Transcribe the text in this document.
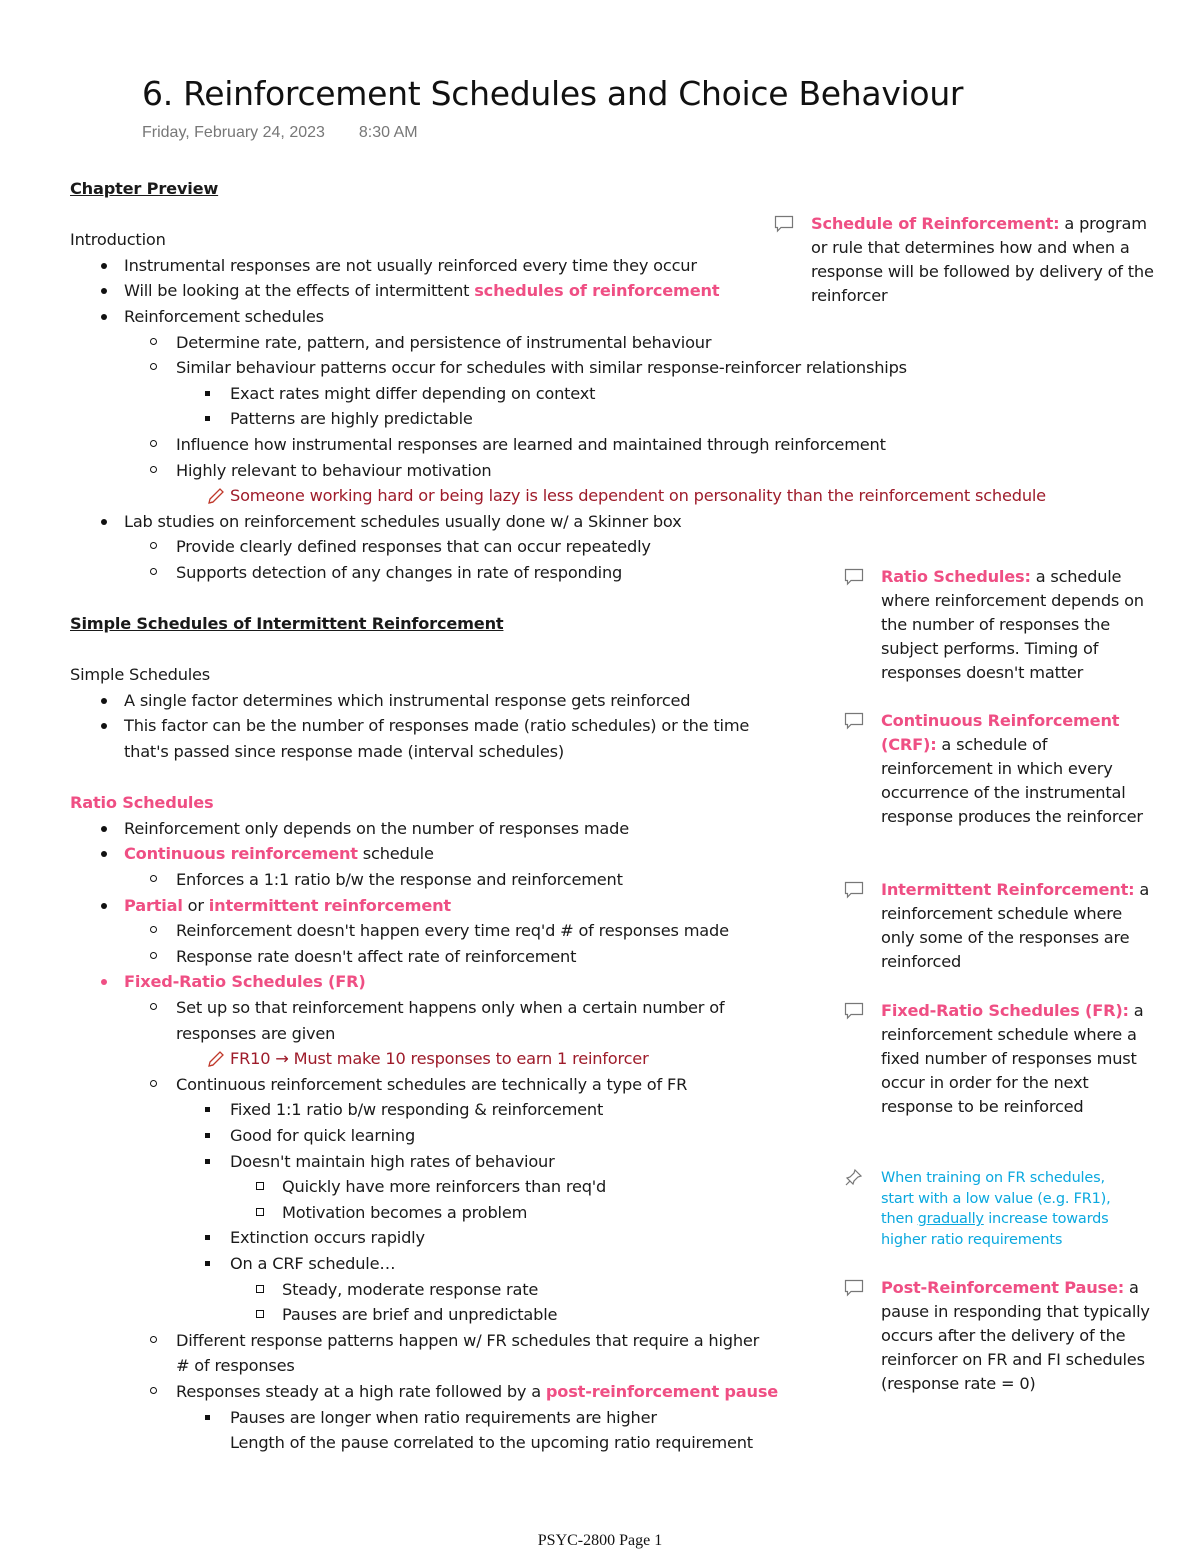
6. Reinforcement Schedules and Choice Behaviour
Friday, February 24, 2023 8:30 AM
Chapter Preview
Introduction
Instrumental responses are not usually reinforced every time they occur
Will be looking at the effects of intermittent schedules of reinforcement
Reinforcement schedules
Determine rate, pattern, and persistence of instrumental behaviour
Similar behaviour patterns occur for schedules with similar response-reinforcer relationships
Exact rates might differ depending on context
Patterns are highly predictable
Influence how instrumental responses are learned and maintained through reinforcement
Highly relevant to behaviour motivation
Someone working hard or being lazy is less dependent on personality than the reinforcement schedule
Lab studies on reinforcement schedules usually done w/ a Skinner box
Provide clearly defined responses that can occur repeatedly
Supports detection of any changes in rate of responding
Simple Schedules of Intermittent Reinforcement
Simple Schedules
A single factor determines which instrumental response gets reinforced
This factor can be the number of responses made (ratio schedules) or the time
that's passed since response made (interval schedules)
Ratio Schedules
Reinforcement only depends on the number of responses made
Continuous reinforcement schedule
Enforces a 1:1 ratio b/w the response and reinforcement
Partial or intermittent reinforcement
Reinforcement doesn't happen every time req'd # of responses made
Response rate doesn't affect rate of reinforcement
Fixed-Ratio Schedules (FR)
Set up so that reinforcement happens only when a certain number of
responses are given
FR10 → Must make 10 responses to earn 1 reinforcer
Continuous reinforcement schedules are technically a type of FR
Fixed 1:1 ratio b/w responding & reinforcement
Good for quick learning
Doesn't maintain high rates of behaviour
Quickly have more reinforcers than req'd
Motivation becomes a problem
Extinction occurs rapidly
On a CRF schedule…
Steady, moderate response rate
Pauses are brief and unpredictable
Different response patterns happen w/ FR schedules that require a higher
# of responses
Responses steady at a high rate followed by a post-reinforcement pause
Pauses are longer when ratio requirements are higher
Length of the pause correlated to the upcoming ratio requirement
Schedule of Reinforcement: a program or rule that determines how and when a response will be followed by delivery of the reinforcer
Ratio Schedules: a schedule where reinforcement depends on the number of responses the subject performs. Timing of responses doesn't matter
Continuous Reinforcement (CRF): a schedule of reinforcement in which every occurrence of the instrumental response produces the reinforcer
Intermittent Reinforcement: a reinforcement schedule where only some of the responses are reinforced
Fixed-Ratio Schedules (FR): a reinforcement schedule where a fixed number of responses must occur in order for the next response to be reinforced
When training on FR schedules, start with a low value (e.g. FR1), then gradually increase towards higher ratio requirements
Post-Reinforcement Pause: a pause in responding that typically occurs after the delivery of the reinforcer on FR and FI schedules (response rate = 0)
PSYC-2800 Page 1
